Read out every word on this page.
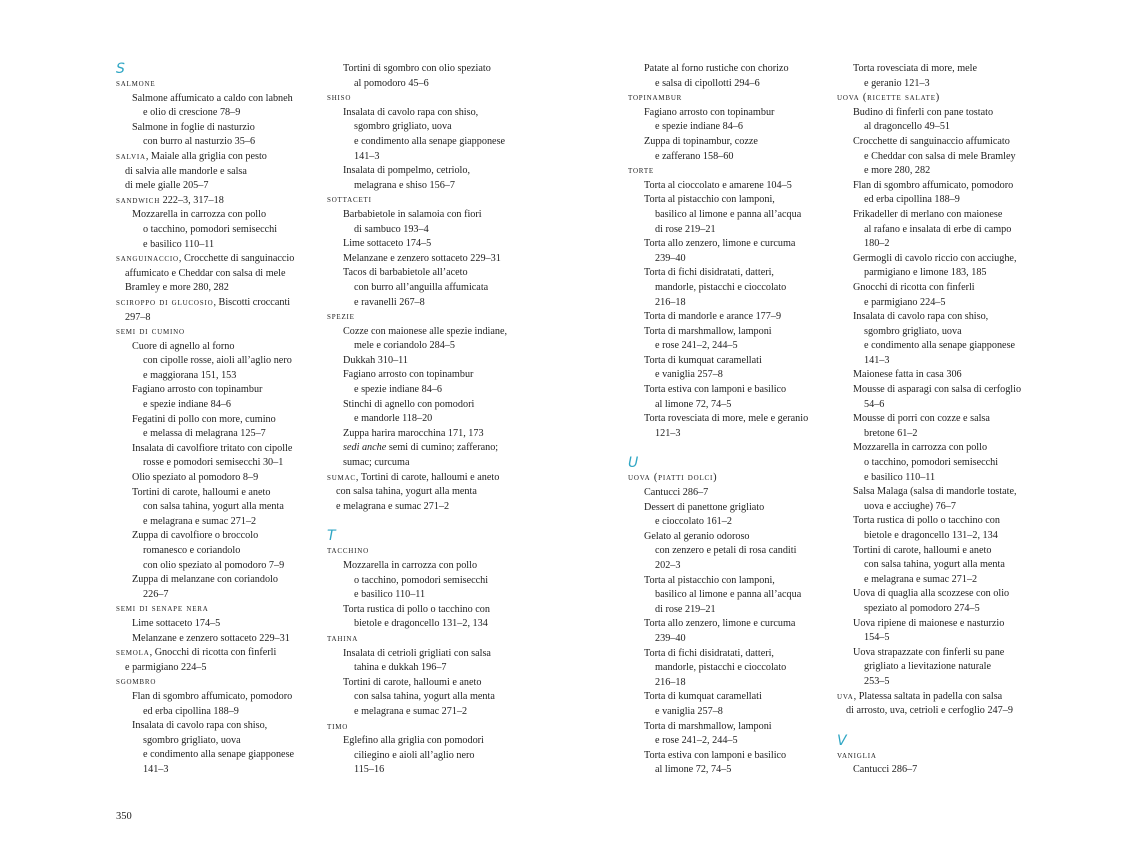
S
salmone
Salmone affumicato a caldo con labneh
e olio di crescione 78–9
Salmone in foglie di nasturzio
con burro al nasturzio 35–6
salvia, Maiale alla griglia con pesto
di salvia alle mandorle e salsa
di mele gialle 205–7
sandwich 222–3, 317–18
Mozzarella in carrozza con pollo
o tacchino, pomodori semisecchi
e basilico 110–11
sanguinaccio, Crocchette di sanguinaccio
affumicato e Cheddar con salsa di mele
Bramley e more 280, 282
sciroppo di glucosio, Biscotti croccanti
297–8
semi di cumino
Cuore di agnello al forno
con cipolle rosse, aioli all’aglio nero
e maggiorana 151, 153
Fagiano arrosto con topinambur
e spezie indiane 84–6
Fegatini di pollo con more, cumino
e melassa di melagrana 125–7
Insalata di cavolfiore tritato con cipolle
rosse e pomodori semisecchi 30–1
Olio speziato al pomodoro 8–9
Tortini di carote, halloumi e aneto
con salsa tahina, yogurt alla menta
e melagrana e sumac 271–2
Zuppa di cavolfiore o broccolo
romanesco e coriandolo
con olio speziato al pomodoro 7–9
Zuppa di melanzane con coriandolo
226–7
semi di senape nera
Lime sottaceto 174–5
Melanzane e zenzero sottaceto 229–31
semola, Gnocchi di ricotta con finferli
e parmigiano 224–5
sgombro
Flan di sgombro affumicato, pomodoro
ed erba cipollina 188–9
Insalata di cavolo rapa con shiso,
sgombro grigliato, uova
e condimento alla senape giapponese
141–3
Tortini di sgombro con olio speziato
al pomodoro 45–6
shiso
Insalata di cavolo rapa con shiso,
sgombro grigliato, uova
e condimento alla senape giapponese
141–3
Insalata di pompelmo, cetriolo,
melagrana e shiso 156–7
sottaceti
Barbabietole in salamoia con fiori
di sambuco 193–4
Lime sottaceto 174–5
Melanzane e zenzero sottaceto 229–31
Tacos di barbabietole all’aceto
con burro all’anguilla affumicata
e ravanelli 267–8
spezie
Cozze con maionese alle spezie indiane,
mele e coriandolo 284–5
Dukkah 310–11
Fagiano arrosto con topinambur
e spezie indiane 84–6
Stinchi di agnello con pomodori
e mandorle 118–20
Zuppa harira marocchina 171, 173
sedi anche semi di cumino; zafferano;
sumac; curcuma
sumac, Tortini di carote, halloumi e aneto
con salsa tahina, yogurt alla menta
e melagrana e sumac 271–2
T
tacchino
Mozzarella in carrozza con pollo
o tacchino, pomodori semisecchi
e basilico 110–11
Torta rustica di pollo o tacchino con
bietole e dragoncello 131–2, 134
tahina
Insalata di cetrioli grigliati con salsa
tahina e dukkah 196–7
Tortini di carote, halloumi e aneto
con salsa tahina, yogurt alla menta
e melagrana e sumac 271–2
timo
Eglefino alla griglia con pomodori
ciliegino e aioli all’aglio nero
115–16
Patate al forno rustiche con chorizo
e salsa di cipollotti 294–6
topinambur
Fagiano arrosto con topinambur
e spezie indiane 84–6
Zuppa di topinambur, cozze
e zafferano 158–60
torte
Torta al cioccolato e amarene 104–5
Torta al pistacchio con lamponi,
basilico al limone e panna all’acqua
di rose 219–21
Torta allo zenzero, limone e curcuma
239–40
Torta di fichi disidratati, datteri,
mandorle, pistacchi e cioccolato
216–18
Torta di mandorle e arance 177–9
Torta di marshmallow, lamponi
e rose 241–2, 244–5
Torta di kumquat caramellati
e vaniglia 257–8
Torta estiva con lamponi e basilico
al limone 72, 74–5
Torta rovesciata di more, mele e geranio
121–3
U
uova (piatti dolci)
Cantucci 286–7
Dessert di panettone grigliato
e cioccolato 161–2
Gelato al geranio odoroso
con zenzero e petali di rosa canditi
202–3
Torta al pistacchio con lamponi,
basilico al limone e panna all’acqua
di rose 219–21
Torta allo zenzero, limone e curcuma
239–40
Torta di fichi disidratati, datteri,
mandorle, pistacchi e cioccolato
216–18
Torta di kumquat caramellati
e vaniglia 257–8
Torta di marshmallow, lamponi
e rose 241–2, 244–5
Torta estiva con lamponi e basilico
al limone 72, 74–5
Torta rovesciata di more, mele
e geranio 121–3
uova (ricette salate)
Budino di finferli con pane tostato
al dragoncello 49–51
Crocchette di sanguinaccio affumicato
e Cheddar con salsa di mele Bramley
e more 280, 282
Flan di sgombro affumicato, pomodoro
ed erba cipollina 188–9
Frikadeller di merlano con maionese
al rafano e insalata di erbe di campo
180–2
Germogli di cavolo riccio con acciughe,
parmigiano e limone 183, 185
Gnocchi di ricotta con finferli
e parmigiano 224–5
Insalata di cavolo rapa con shiso,
sgombro grigliato, uova
e condimento alla senape giapponese
141–3
Maionese fatta in casa 306
Mousse di asparagi con salsa di cerfoglio
54–6
Mousse di porri con cozze e salsa
bretone 61–2
Mozzarella in carrozza con pollo
o tacchino, pomodori semisecchi
e basilico 110–11
Salsa Malaga (salsa di mandorle tostate,
uova e acciughe) 76–7
Torta rustica di pollo o tacchino con
bietole e dragoncello 131–2, 134
Tortini di carote, halloumi e aneto
con salsa tahina, yogurt alla menta
e melagrana e sumac 271–2
Uova di quaglia alla scozzese con olio
speziato al pomodoro 274–5
Uova ripiene di maionese e nasturzio
154–5
Uova strapazzate con finferli su pane
grigliato a lievitazione naturale
253–5
uva, Platessa saltata in padella con salsa
di arrosto, uva, cetrioli e cerfoglio 247–9
V
vaniglia
Cantucci 286–7
350
